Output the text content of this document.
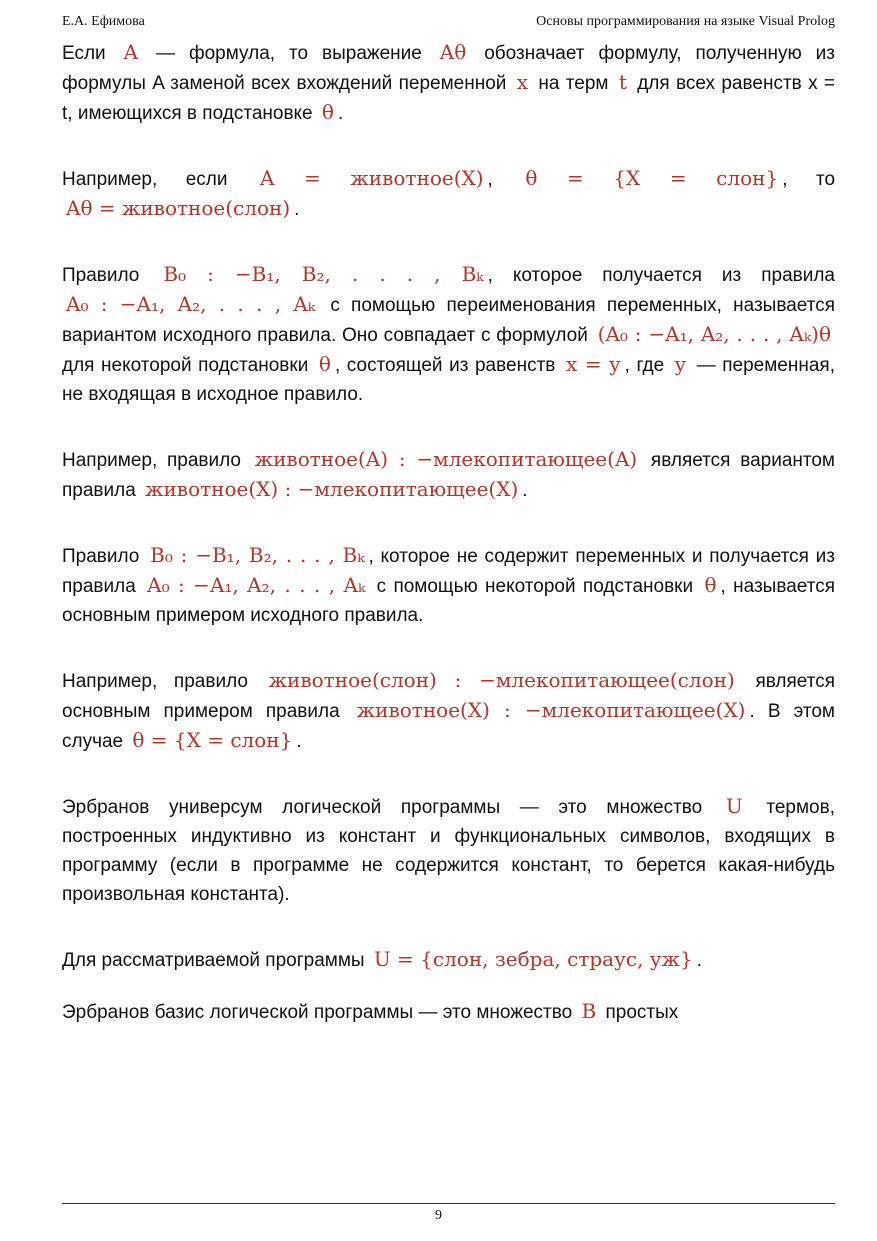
Е.А. Ефимова	Основы программирования на языке Visual Prolog

Если A — формула, то выражение Aθ обозначает формулу, полученную из формулы A заменой всех вхождений переменной x на терм t для всех равенств x = t, имеющихся в подстановке θ .

Например, если A = животное(X) , θ = {X = слон} , то Aθ = животное(слон) .

Правило B₀ : −B₁, B₂, . . . , Bₖ , которое получается из правила A₀ : −A₁, A₂, . . . , Aₖ с помощью переименования переменных, называется вариантом исходного правила. Оно совпадает с формулой (A₀ : −A₁, A₂, . . . , Aₖ)θ для некоторой подстановки θ , состоящей из равенств x = y , где y — переменная, не входящая в исходное правило.

Например, правило животное(A) : −млекопитающее(A) является вариантом правила животное(X) : −млекопитающее(X) .

Правило B₀ : −B₁, B₂, . . . , Bₖ , которое не содержит переменных и получается из правила A₀ : −A₁, A₂, . . . , Aₖ с помощью некоторой подстановки θ , называется основным примером исходного правила.

Например, правило животное(слон) : −млекопитающее(слон) является основным примером правила животное(X) : −млекопитающее(X) . В этом случае θ = {X = слон} .

Эрбранов универсум логической программы — это множество U термов, построенных индуктивно из констант и функциональных символов, входящих в программу (если в программе не содержится констант, то берется какая-нибудь произвольная константа).

Для рассматриваемой программы U = {слон, зебра, страус, уж} .

Эрбранов базис логической программы — это множество B простых

9
